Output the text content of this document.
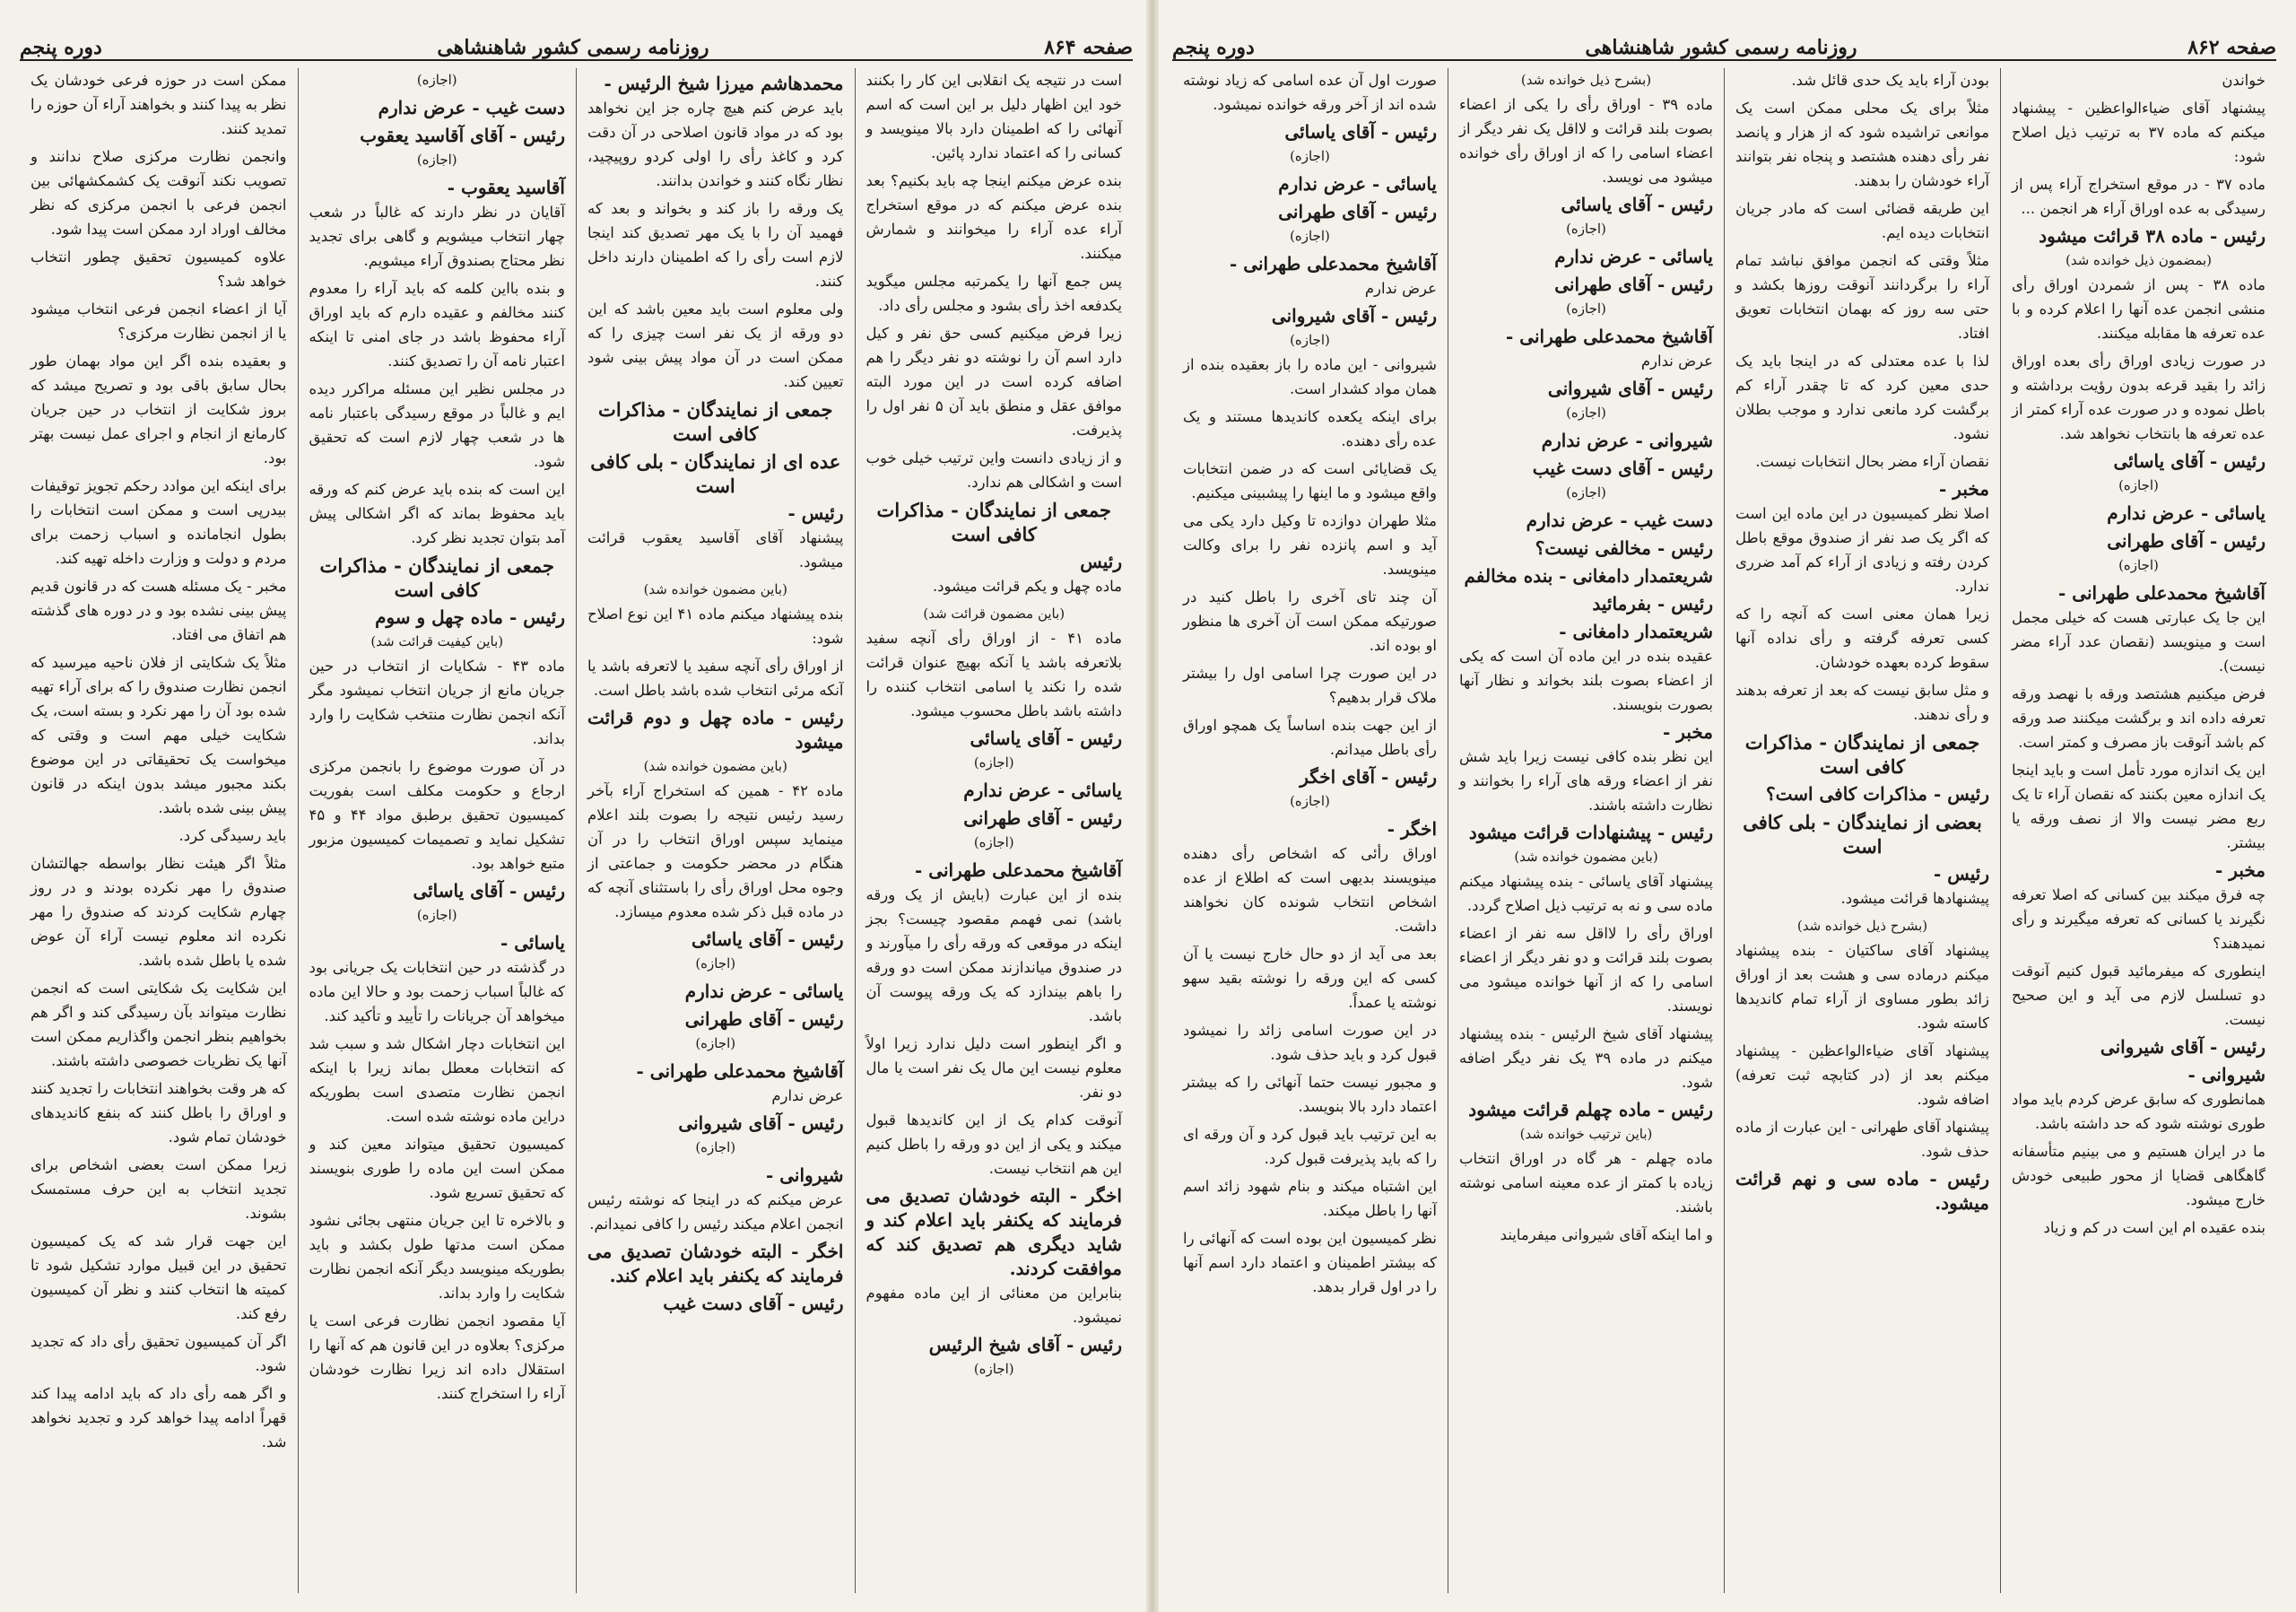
صفحه ۸۶۴
روزنامه رسمی کشور شاهنشاهی
دوره پنجم

است در نتیجه یک انقلابی این کار را بکنند خود این اظهار دلیل بر این است که اسم آنهائی را که اطمینان دارد بالا مینویسد و کسانی را که اعتماد ندارد پائین.

بنده عرض میکنم اینجا چه باید بکنیم؟ بعد بنده عرض میکنم که در موقع استخراج آراء عده آراء را میخوانند و شمارش میکنند.

پس جمع آنها را یکمرتبه مجلس میگوید یکدفعه اخذ رأی بشود و مجلس رأی داد.

زیرا فرض میکنیم کسی حق نفر و کیل دارد اسم آن را نوشته دو نفر دیگر را هم اضافه کرده است در این مورد البته موافق عقل و منطق باید آن ۵ نفر اول را پذیرفت.

و از زیادی دانست واین ترتیب خیلی خوب است و اشکالی هم ندارد.

جمعی از نمایندگان - مذاکرات کافی است
رئیس

ماده چهل و یکم قرائت میشود.

(باین مضمون قرائت شد)

ماده ۴۱ - از اوراق رأی آنچه سفید بلاتعرفه باشد یا آنکه بهیچ عنوان قرائت شده را نکند یا اسامی انتخاب کننده را داشته باشد باطل محسوب میشود.

رئیس - آقای یاسائی
(اجازه)
یاسائی - عرض ندارم
رئیس - آقای طهرانی
(اجازه)
آقاشیخ محمدعلی طهرانی -

بنده از این عبارت (بایش از یک ورقه باشد) نمی فهمم مقصود چیست؟ بجز اینکه در موقعی که ورقه رأی را میآورند و در صندوق میاندازند ممکن است دو ورقه را باهم بیندازد که یک ورقه پیوست آن باشد.

و اگر اینطور است دلیل ندارد زیرا اولاً معلوم نیست این مال یک نفر است یا مال دو نفر.

آنوقت کدام یک از این کاندیدها قبول میکند و یکی از این دو ورقه را باطل کنیم این هم انتخاب نیست.

اخگر - البته خودشان تصدیق می فرمایند که یکنفر باید اعلام کند و شاید دیگری هم تصدیق کند که موافقت کردند.

بنابراین من معنائی از این ماده مفهوم نمیشود.

رئیس - آقای شیخ الرئیس
(اجازه)
محمدهاشم میرزا شیخ الرئیس -

باید عرض کنم هیچ چاره جز این نخواهد بود که در مواد قانون اصلاحی در آن دقت کرد و کاغذ رأی را اولی کردو روپیچید، نظار نگاه کنند و خواندن بدانند.

یک ورقه را باز کند و بخواند و بعد که فهمید آن را با یک مهر تصدیق کند اینجا لازم است رأی را که اطمینان دارند داخل کنند.

ولی معلوم است باید معین باشد که این دو ورقه از یک نفر است چیزی را که ممکن است در آن مواد پیش بینی شود تعیین کند.

جمعی از نمایندگان - مذاکرات کافی است
عده ای از نمایندگان - بلی کافی است
رئیس -

پیشنهاد آقای آقاسید یعقوب قرائت میشود.

(باین مضمون خوانده شد)

بنده پیشنهاد میکنم ماده ۴۱ این نوع اصلاح شود:

از اوراق رأی آنچه سفید یا لاتعرفه باشد یا آنکه مرئی انتخاب شده باشد باطل است.

رئیس - ماده چهل و دوم قرائت میشود
(باین مضمون خوانده شد)

ماده ۴۲ - همین که استخراج آراء بآخر رسید رئیس نتیجه را بصوت بلند اعلام مینماید سپس اوراق انتخاب را در آن هنگام در محضر حکومت و جماعتی از وجوه محل اوراق رأی را باستثنای آنچه که در ماده قبل ذکر شده معدوم میسازد.

رئیس - آقای یاسائی
(اجازه)
یاسائی - عرض ندارم
رئیس - آقای طهرانی
(اجازه)
آقاشیخ محمدعلی طهرانی -

عرض ندارم

رئیس - آقای شیروانی
(اجازه)
شیروانی -

عرض میکنم که در اینجا که نوشته رئیس انجمن اعلام میکند رئیس را کافی نمیدانم.

اخگر - البته خودشان تصدیق می فرمایند که یکنفر باید اعلام کند.
رئیس - آقای دست غیب
(اجازه)
دست غیب - عرض ندارم
رئیس - آقای آقاسید یعقوب
(اجازه)
آقاسید یعقوب -

آقایان در نظر دارند که غالباً در شعب چهار انتخاب میشویم و گاهی برای تجدید نظر محتاج بصندوق آراء میشویم.

و بنده بااین کلمه که باید آراء را معدوم کنند مخالفم و عقیده دارم که باید اوراق آراء محفوظ باشد در جای امنی تا اینکه اعتبار نامه آن را تصدیق کنند.

در مجلس نظیر این مسئله مراکرر دیده ایم و غالباً در موقع رسیدگی باعتبار نامه ها در شعب چهار لازم است که تحقیق شود.

این است که بنده باید عرض کنم که ورقه باید محفوظ بماند که اگر اشکالی پیش آمد بتوان تجدید نظر کرد.

جمعی از نمایندگان - مذاکرات کافی است
رئیس - ماده چهل و سوم
(باین کیفیت قرائت شد)

ماده ۴۳ - شکایات از انتخاب در حین جریان مانع از جریان انتخاب نمیشود مگر آنکه انجمن نظارت منتخب شکایت را وارد بداند.

در آن صورت موضوع را بانجمن مرکزی ارجاع و حکومت مکلف است بفوریت کمیسیون تحقیق برطبق مواد ۴۴ و ۴۵ تشکیل نماید و تصمیمات کمیسیون مزبور متبع خواهد بود.

رئیس - آقای یاسائی
(اجازه)
یاسائی -

در گذشته در حین انتخابات یک جریانی بود که غالباً اسباب زحمت بود و حالا این ماده میخواهد آن جریانات را تأیید و تأکید کند.

این انتخابات دچار اشکال شد و سبب شد که انتخابات معطل بماند زیرا با اینکه انجمن نظارت متصدی است بطوریکه دراین ماده نوشته شده است.

کمیسیون تحقیق میتواند معین کند و ممکن است این ماده را طوری بنویسند که تحقیق تسریع شود.

و بالاخره تا این جریان منتهی بجائی نشود ممکن است مدتها طول بکشد و باید بطوریکه مینویسد دیگر آنکه انجمن نظارت شکایت را وارد بداند.

آیا مقصود انجمن نظارت فرعی است یا مرکزی؟ بعلاوه در این قانون هم که آنها را استقلال داده اند زیرا نظارت خودشان آراء را استخراج کنند.

ممکن است در حوزه فرعی خودشان یک نظر به پیدا کنند و بخواهند آراء آن حوزه را تمدید کنند.

وانجمن نظارت مرکزی صلاح ندانند و تصویب نکند آنوقت یک کشمکشهائی بین انجمن فرعی با انجمن مرکزی که نظر مخالف اوراد ارد ممکن است پیدا شود.

علاوه کمیسیون تحقیق چطور انتخاب خواهد شد؟

آیا از اعضاء انجمن فرعی انتخاب میشود یا از انجمن نظارت مرکزی؟

و بعقیده بنده اگر این مواد بهمان طور بحال سابق باقی بود و تصریح میشد که بروز شکایت از انتخاب در حین جریان کارمانع از انجام و اجرای عمل نیست بهتر بود.

برای اینکه این موادد رحکم تجویز توقیفات بیدرپی است و ممکن است انتخابات را بطول انجامانده و اسباب زحمت برای مردم و دولت و وزارت داخله تهیه کند.

مخبر - یک مسئله هست که در قانون قدیم پیش بینی نشده بود و در دوره های گذشته هم اتفاق می افتاد.

مثلاً یک شکایتی از فلان ناحیه میرسید که انجمن نظارت صندوق را که برای آراء تهیه شده بود آن را مهر نکرد و بسته است، یک شکایت خیلی مهم است و وقتی که میخواست یک تحقیقاتی در این موضوع بکند مجبور میشد بدون اینکه در قانون پیش بینی شده باشد.

باید رسیدگی کرد.

مثلاً اگر هیئت نظار بواسطه جهالتشان صندوق را مهر نکرده بودند و در روز چهارم شکایت کردند که صندوق را مهر نکرده اند معلوم نیست آراء آن عوض شده یا باطل شده باشد.

این شکایت یک شکایتی است که انجمن نظارت میتواند بآن رسیدگی کند و اگر هم بخواهیم بنظر انجمن واگذاریم ممکن است آنها یک نظریات خصوصی داشته باشند.

که هر وقت بخواهند انتخابات را تجدید کنند و اوراق را باطل کنند که بنفع کاندیدهای خودشان تمام شود.

زیرا ممکن است بعضی اشخاص برای تجدید انتخاب به این حرف مستمسک بشوند.

این جهت قرار شد که یک کمیسیون تحقیق در این قبیل موارد تشکیل شود تا کمیته ها انتخاب کنند و نظر آن کمیسیون رفع کند.

اگر آن کمیسیون تحقیق رأی داد که تجدید شود.

و اگر همه رأی داد که باید ادامه پیدا کند قهراً ادامه پیدا خواهد کرد و تجدید نخواهد شد.

صفحه ۸۶۲
روزنامه رسمی کشور شاهنشاهی
دوره پنجم

خواندن

پیشنهاد آقای ضیاءالواعظین - پیشنهاد میکنم که ماده ۳۷ به ترتیب ذیل اصلاح شود:

ماده ۳۷ - در موقع استخراج آراء پس از رسیدگی به عده اوراق آراء هر انجمن ...

رئیس - ماده ۳۸ قرائت میشود
(بمضمون ذیل خوانده شد)

ماده ۳۸ - پس از شمردن اوراق رأی منشی انجمن عده آنها را اعلام کرده و با عده تعرفه ها مقابله میکنند.

در صورت زیادی اوراق رأی بعده اوراق زائد را بقید قرعه بدون رؤیت برداشته و باطل نموده و در صورت عده آراء کمتر از عده تعرفه ها بانتخاب نخواهد شد.

رئیس - آقای یاسائی
(اجازه)
یاسائی - عرض ندارم
رئیس - آقای طهرانی
(اجازه)
آقاشیخ محمدعلی طهرانی -

این جا یک عبارتی هست که خیلی مجمل است و مینویسد (نقصان عدد آراء مضر نیست).

فرض میکنیم هشتصد ورقه با نهصد ورقه تعرفه داده اند و برگشت میکنند صد ورقه کم باشد آنوقت باز مصرف و کمتر است.

این یک اندازه مورد تأمل است و باید اینجا یک اندازه معین بکنند که نقصان آراء تا یک ربع مضر نیست والا از نصف ورقه یا بیشتر.

مخبر -

چه فرق میکند بین کسانی که اصلا تعرفه نگیرند یا کسانی که تعرفه میگیرند و رأی نمیدهند؟

اینطوری که میفرمائید قبول کنیم آنوقت دو تسلسل لازم می آید و این صحیح نیست.

رئیس - آقای شیروانی
شیروانی -

همانطوری که سابق عرض کردم باید مواد طوری نوشته شود که حد داشته باشد.

ما در ایران هستیم و می بینیم متأسفانه گاهگاهی قضایا از محور طبیعی خودش خارج میشود.

بنده عقیده ام این است در کم و زیاد

بودن آراء باید یک حدی قائل شد.

مثلاً برای یک محلی ممکن است یک موانعی تراشیده شود که از هزار و پانصد نفر رأی دهنده هشتصد و پنجاه نفر بتوانند آراء خودشان را بدهند.

این طریقه قضائی است که مادر جریان انتخابات دیده ایم.

مثلاً وقتی که انجمن موافق نباشد تمام آراء را برگردانند آنوقت روزها بکشد و حتی سه روز که بهمان انتخابات تعویق افتاد.

لذا با عده معتدلی که در اینجا باید یک حدی معین کرد که تا چقدر آراء کم برگشت کرد مانعی ندارد و موجب بطلان نشود.

نقصان آراء مضر بحال انتخابات نیست.

مخبر -

اصلا نظر کمیسیون در این ماده این است که اگر یک صد نفر از صندوق موقع باطل کردن رفته و زیادی از آراء کم آمد ضرری ندارد.

زیرا همان معنی است که آنچه را که کسی تعرفه گرفته و رأی نداده آنها سقوط کرده بعهده خودشان.

و مثل سابق نیست که بعد از تعرفه بدهند و رأی ندهند.

جمعی از نمایندگان - مذاکرات کافی است
رئیس - مذاکرات کافی است؟
بعضی از نمایندگان - بلی کافی است
رئیس -

پیشنهادها قرائت میشود.

(بشرح ذیل خوانده شد)

پیشنهاد آقای ساکتیان - بنده پیشنهاد میکنم درماده سی و هشت بعد از اوراق زائد بطور مساوی از آراء تمام کاندیدها کاسته شود.

پیشنهاد آقای ضیاءالواعظین - پیشنهاد میکنم بعد از (در کتابچه ثبت تعرفه) اضافه شود.

پیشنهاد آقای طهرانی - این عبارت از ماده حذف شود.

رئیس - ماده سی و نهم قرائت میشود.
(بشرح ذیل خوانده شد)

ماده ۳۹ - اوراق رأی را یکی از اعضاء بصوت بلند قرائت و لااقل یک نفر دیگر از اعضاء اسامی را که از اوراق رأی خوانده میشود می نویسد.

رئیس - آقای یاسائی
(اجازه)
یاسائی - عرض ندارم
رئیس - آقای طهرانی
(اجازه)
آقاشیخ محمدعلی طهرانی -

عرض ندارم

رئیس - آقای شیروانی
(اجازه)
شیروانی - عرض ندارم
رئیس - آقای دست غیب
(اجازه)
دست غیب - عرض ندارم
رئیس - مخالفی نیست؟
شریعتمدار دامغانی - بنده مخالفم
رئیس - بفرمائید
شریعتمدار دامغانی -

عقیده بنده در این ماده آن است که یکی از اعضاء بصوت بلند بخواند و نظار آنها بصورت بنویسند.

مخبر -

این نظر بنده کافی نیست زیرا باید شش نفر از اعضاء ورقه های آراء را بخوانند و نظارت داشته باشند.

رئیس - پیشنهادات قرائت میشود
(باین مضمون خوانده شد)

پیشنهاد آقای یاسائی - بنده پیشنهاد میکنم ماده سی و نه به ترتیب ذیل اصلاح گردد.

اوراق رأی را لااقل سه نفر از اعضاء بصوت بلند قرائت و دو نفر دیگر از اعضاء اسامی را که از آنها خوانده میشود می نویسند.

پیشنهاد آقای شیخ الرئیس - بنده پیشنهاد میکنم در ماده ۳۹ یک نفر دیگر اضافه شود.

رئیس - ماده چهلم قرائت میشود
(باین ترتیب خوانده شد)

ماده چهلم - هر گاه در اوراق انتخاب زیاده با کمتر از عده معینه اسامی نوشته باشند.

و اما اینکه آقای شیروانی میفرمایند

صورت اول آن عده اسامی که زیاد نوشته شده اند از آخر ورقه خوانده نمیشود.

رئیس - آقای یاسائی
(اجازه)
یاسائی - عرض ندارم
رئیس - آقای طهرانی
(اجازه)
آقاشیخ محمدعلی طهرانی -

عرض ندارم

رئیس - آقای شیروانی
(اجازه)

شیروانی - این ماده را باز بعقیده بنده از همان مواد کشدار است.

برای اینکه یکعده کاندیدها مستند و یک عده رأی دهنده.

یک قضایائی است که در ضمن انتخابات واقع میشود و ما اینها را پیشبینی میکنیم.

مثلا طهران دوازده تا وکیل دارد یکی می آید و اسم پانزده نفر را برای وکالت مینویسد.

آن چند تای آخری را باطل کنید در صورتیکه ممکن است آن آخری ها منظور او بوده اند.

در این صورت چرا اسامی اول را بیشتر ملاک قرار بدهیم؟

از این جهت بنده اساساً یک همچو اوراق رأی باطل میدانم.

رئیس - آقای اخگر
(اجازه)
اخگر -

اوراق رأئی که اشخاص رأی دهنده مینویسند بدیهی است که اطلاع از عده اشخاص انتخاب شونده کان نخواهند داشت.

بعد می آید از دو حال خارج نیست یا آن کسی که این ورقه را نوشته بقید سهو نوشته یا عمداً.

در این صورت اسامی زائد را نمیشود قبول کرد و باید حذف شود.

و مجبور نیست حتما آنهائی را که بیشتر اعتماد دارد بالا بنویسد.

به این ترتیب باید قبول کرد و آن ورقه ای را که باید پذیرفت قبول کرد.

این اشتباه میکند و بنام شهود زائد اسم آنها را باطل میکند.

نظر کمیسیون این بوده است که آنهائی را که بیشتر اطمینان و اعتماد دارد اسم آنها را در اول قرار بدهد.
